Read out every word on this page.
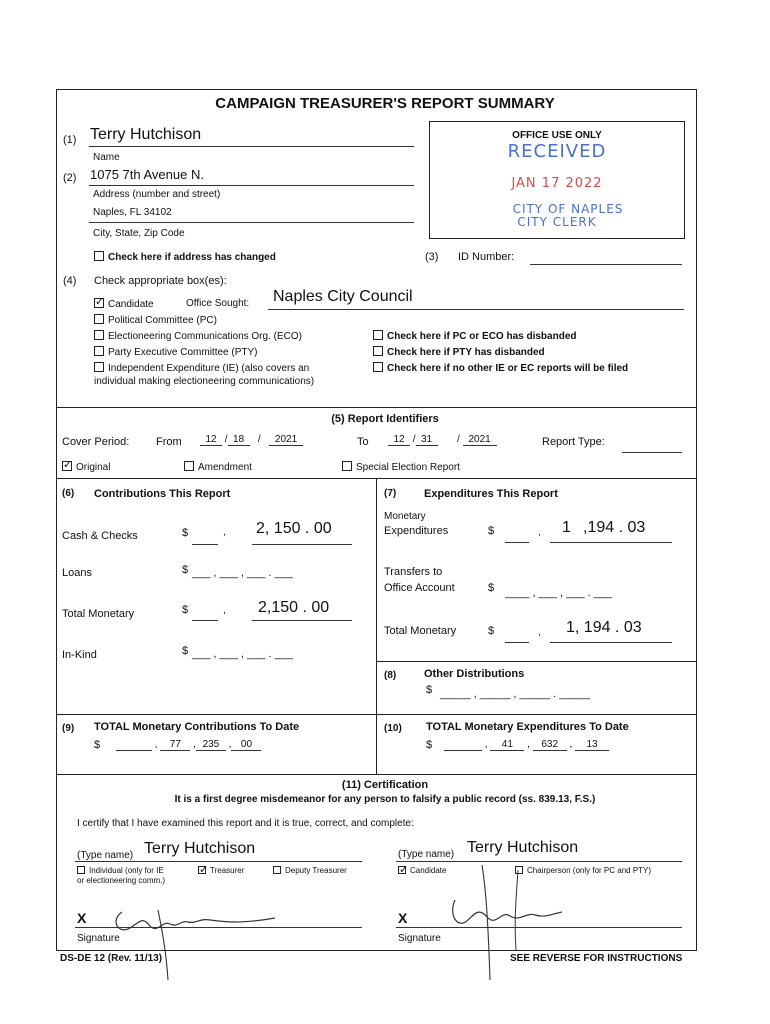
CAMPAIGN TREASURER'S REPORT SUMMARY
(1) Terry Hutchison
Name
(2) 1075 7th Avenue N.
Address (number and street)
Naples, FL 34102
City, State, Zip Code
Check here if address has changed
OFFICE USE ONLY
RECEIVED
JAN 17 2022
CITY OF NAPLES
CITY CLERK
(3) ID Number:
(4) Check appropriate box(es):
✓Candidate	Office Sought: Naples City Council
Political Committee (PC)
Electioneering Communications Org. (ECO)
Party Executive Committee (PTY)
Independent Expenditure (IE) (also covers an
individual making electioneering communications)
Check here if PC or ECO has disbanded
Check here if PTY has disbanded
Check here if no other IE or EC reports will be filed
(5) Report Identifiers
Cover Period: From	12 / 18 / 2021	To	12 / 31 / 2021	Report Type:
✓Original	Amendment	Special Election Report
(6) Contributions This Report
Cash & Checks	$	, 2, 150 . 00
Loans	$ ___ , ___ , ___ . ___
Total Monetary	$	, 2,150 . 00
In-Kind	$ ___ , ___ , ___ . ___
(7)	Expenditures This Report
Monetary
Expenditures	$	, 1 ,194 . 03
Transfers to
Office Account	$ ____ , ___ , ___ . ___
Total Monetary	$	, 1, 194 . 03
(8)	Other Distributions
$ _____ , _____ , _____ . _____
(9) TOTAL Monetary Contributions To Date
$	, 77 , 235 , 00
(10) TOTAL Monetary Expenditures To Date
$	, 41 , 632 , 13
(11) Certification
It is a first degree misdemeanor for any person to falsify a public record (ss. 839.13, F.S.)
I certify that I have examined this report and it is true, correct, and complete:
(Type name) Terry Hutchison
Individual (only for IE
or electioneering comm.)
✓Treasurer	Deputy Treasurer
(Type name) Terry Hutchison
✓Candidate	Chairperson (only for PC and PTY)
X
Signature
X
Signature
DS-DE 12 (Rev. 11/13)	SEE REVERSE FOR INSTRUCTIONS
